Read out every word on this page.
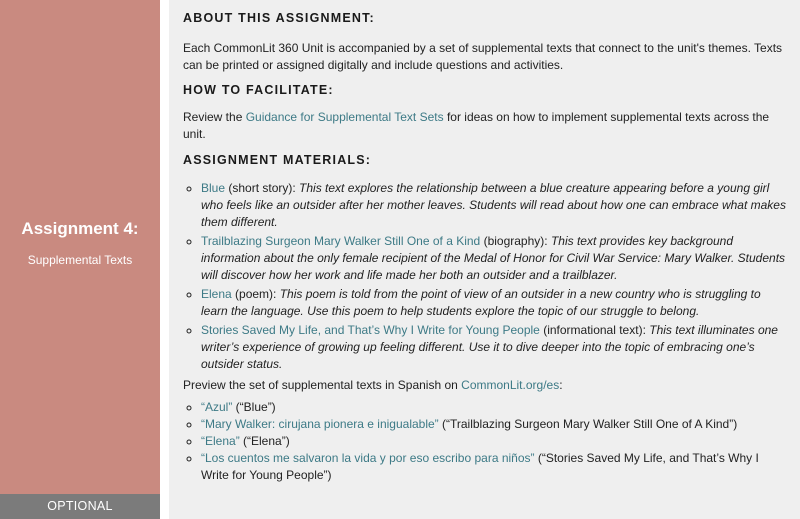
Assignment 4:
Supplemental Texts
OPTIONAL
ABOUT THIS ASSIGNMENT:

Each CommonLit 360 Unit is accompanied by a set of supplemental texts that connect to the unit's themes. Texts can be printed or assigned digitally and include questions and activities.

HOW TO FACILITATE:

Review the Guidance for Supplemental Text Sets for ideas on how to implement supplemental texts across the unit.

ASSIGNMENT MATERIALS:
◦ Blue (short story): This text explores the relationship between a blue creature appearing before a young girl who feels like an outsider after her mother leaves. Students will read about how one can embrace what makes them different.
◦ Trailblazing Surgeon Mary Walker Still One of a Kind (biography): This text provides key background information about the only female recipient of the Medal of Honor for Civil War Service: Mary Walker. Students will discover how her work and life made her both an outsider and a trailblazer.
◦ Elena (poem): This poem is told from the point of view of an outsider in a new country who is struggling to learn the language. Use this poem to help students explore the topic of our struggle to belong.
◦ Stories Saved My Life, and That’s Why I Write for Young People (informational text): This text illuminates one writer’s experience of growing up feeling different. Use it to dive deeper into the topic of embracing one’s outsider status.

Preview the set of supplemental texts in Spanish on CommonLit.org/es:

◦ “Azul” (“Blue”)
◦ “Mary Walker: cirujana pionera e inigualable” (“Trailblazing Surgeon Mary Walker Still One of A Kind”)
◦ “Elena” (“Elena”)
◦ “Los cuentos me salvaron la vida y por eso escribo para niños” (“Stories Saved My Life, and That’s Why I Write for Young People”)
